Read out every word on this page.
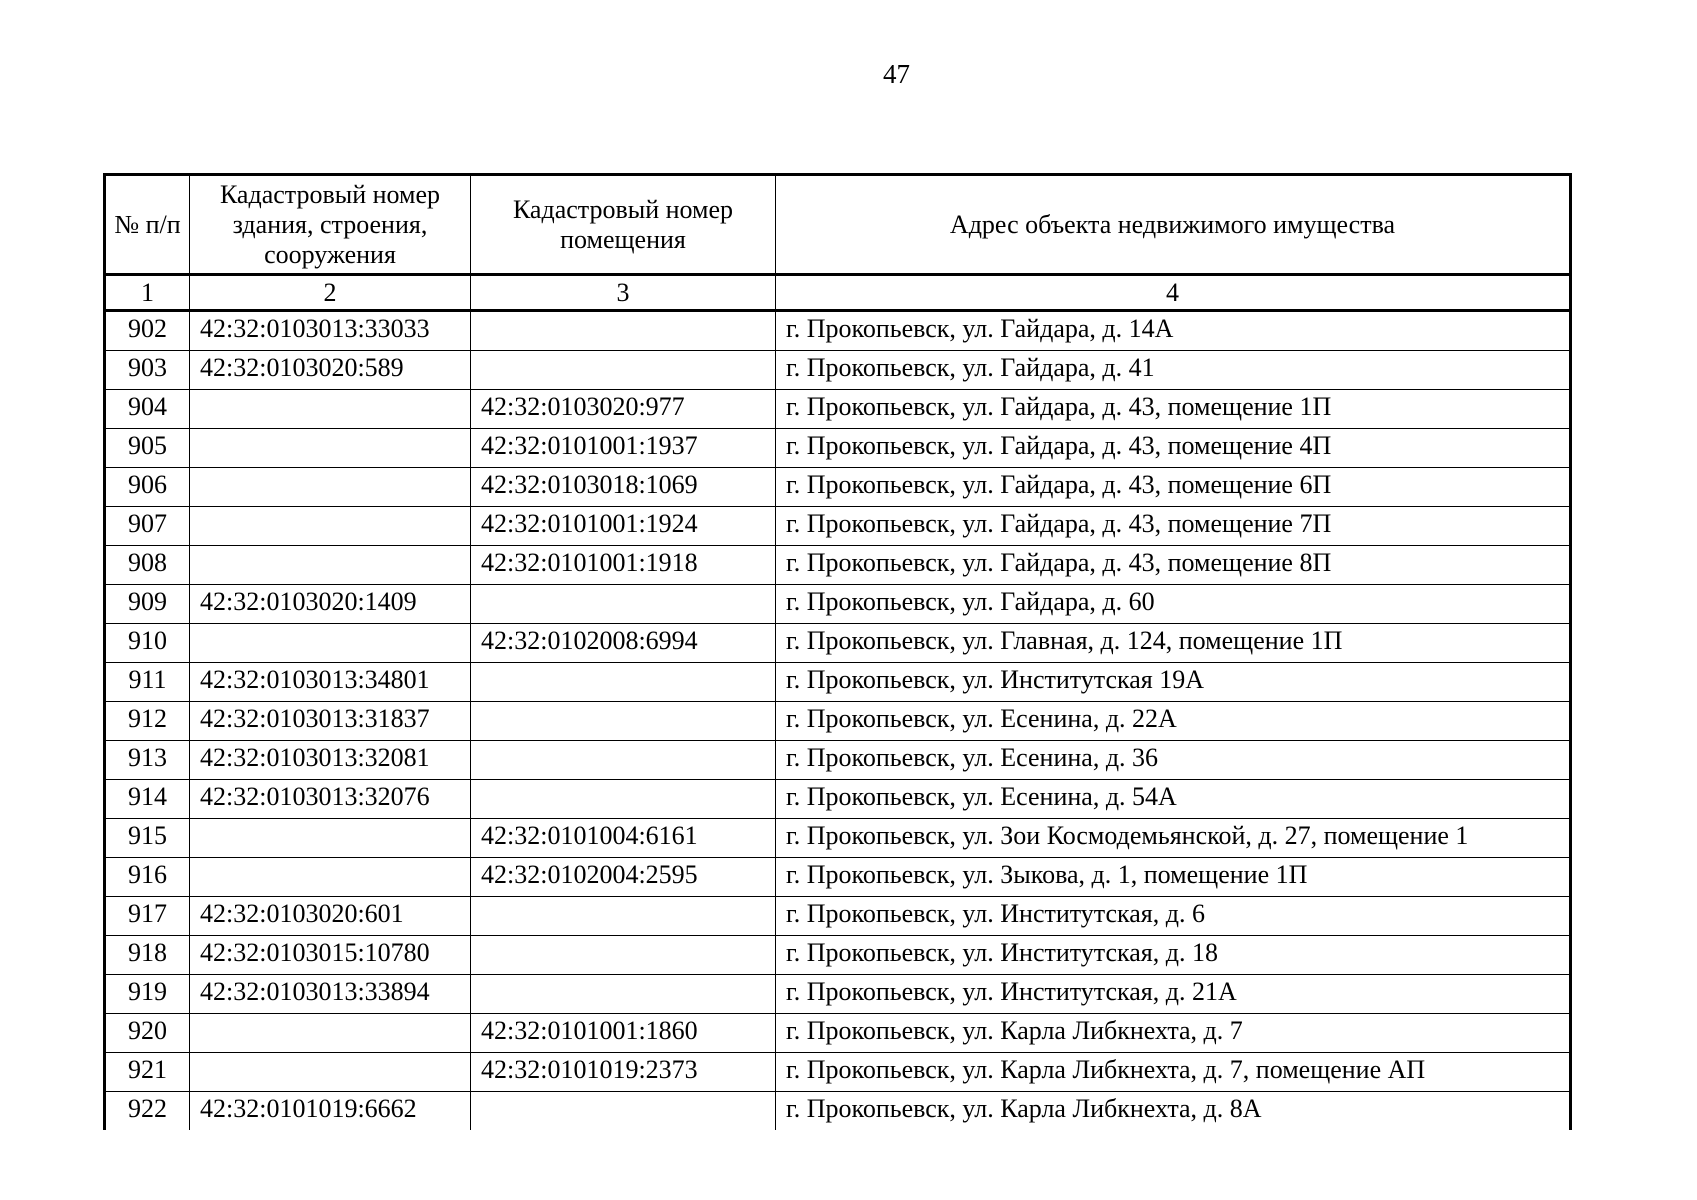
47
№ п/п	Кадастровый номер здания, строения, сооружения	Кадастровый номер помещения	Адрес объекта недвижимого имущества
1	2	3	4
902	42:32:0103013:33033		г. Прокопьевск, ул. Гайдара, д. 14А
903	42:32:0103020:589		г. Прокопьевск, ул. Гайдара, д. 41
904		42:32:0103020:977	г. Прокопьевск, ул. Гайдара, д. 43, помещение 1П
905		42:32:0101001:1937	г. Прокопьевск, ул. Гайдара, д. 43, помещение 4П
906		42:32:0103018:1069	г. Прокопьевск, ул. Гайдара, д. 43, помещение 6П
907		42:32:0101001:1924	г. Прокопьевск, ул. Гайдара, д. 43, помещение 7П
908		42:32:0101001:1918	г. Прокопьевск, ул. Гайдара, д. 43, помещение 8П
909	42:32:0103020:1409		г. Прокопьевск, ул. Гайдара, д. 60
910		42:32:0102008:6994	г. Прокопьевск, ул. Главная, д. 124, помещение 1П
911	42:32:0103013:34801		г. Прокопьевск, ул. Институтская 19А
912	42:32:0103013:31837		г. Прокопьевск, ул. Есенина, д. 22А
913	42:32:0103013:32081		г. Прокопьевск, ул. Есенина, д. 36
914	42:32:0103013:32076		г. Прокопьевск, ул. Есенина, д. 54А
915		42:32:0101004:6161	г. Прокопьевск, ул. Зои Космодемьянской, д. 27, помещение 1
916		42:32:0102004:2595	г. Прокопьевск, ул. Зыкова, д. 1, помещение 1П
917	42:32:0103020:601		г. Прокопьевск, ул. Институтская, д. 6
918	42:32:0103015:10780		г. Прокопьевск, ул. Институтская, д. 18
919	42:32:0103013:33894		г. Прокопьевск, ул. Институтская, д. 21А
920		42:32:0101001:1860	г. Прокопьевск, ул. Карла Либкнехта, д. 7
921		42:32:0101019:2373	г. Прокопьевск, ул. Карла Либкнехта, д. 7, помещение АП
922	42:32:0101019:6662		г. Прокопьевск, ул. Карла Либкнехта, д. 8А
